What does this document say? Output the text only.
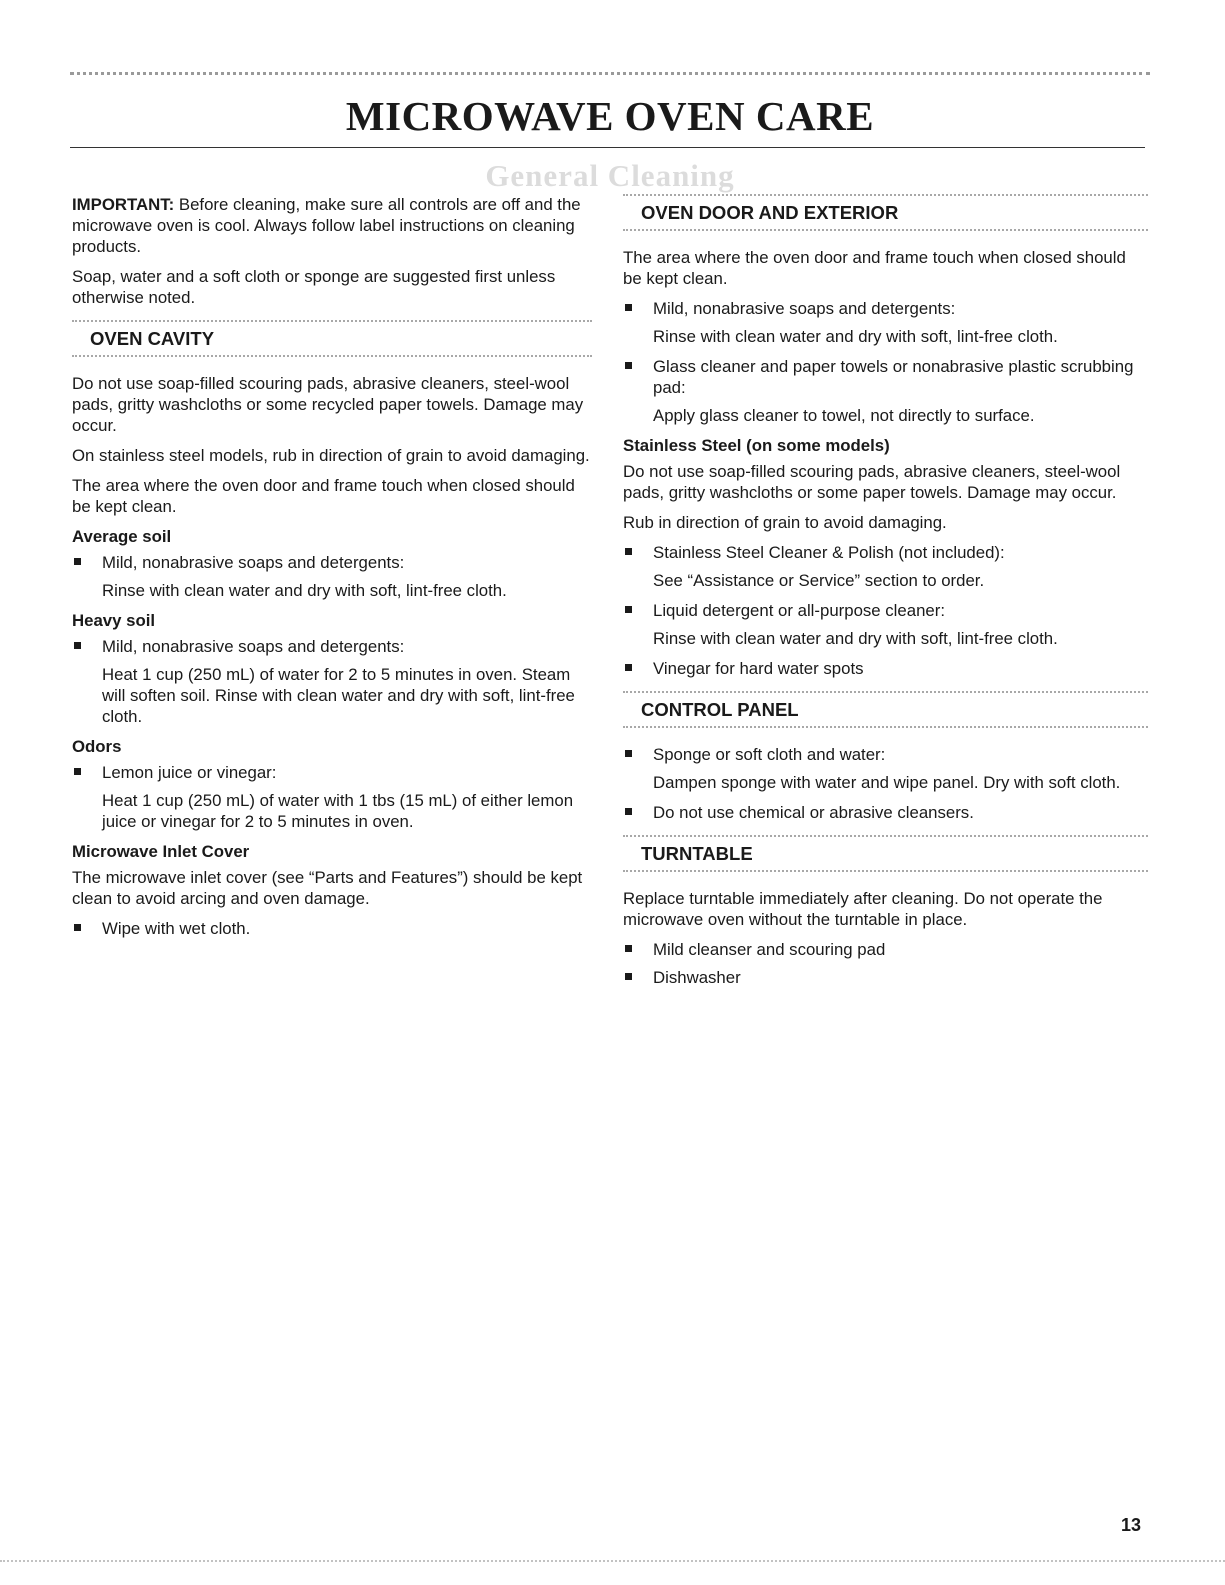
MICROWAVE OVEN CARE
General Cleaning

IMPORTANT: Before cleaning, make sure all controls are off and the microwave oven is cool. Always follow label instructions on cleaning products.

Soap, water and a soft cloth or sponge are suggested first unless otherwise noted.

OVEN CAVITY

Do not use soap-filled scouring pads, abrasive cleaners, steel-wool pads, gritty washcloths or some recycled paper towels. Damage may occur.

On stainless steel models, rub in direction of grain to avoid damaging.

The area where the oven door and frame touch when closed should be kept clean.

Average soil
Mild, nonabrasive soaps and detergents:
Rinse with clean water and dry with soft, lint-free cloth.
Heavy soil
Mild, nonabrasive soaps and detergents:
Heat 1 cup (250 mL) of water for 2 to 5 minutes in oven. Steam will soften soil. Rinse with clean water and dry with soft, lint-free cloth.
Odors
Lemon juice or vinegar:
Heat 1 cup (250 mL) of water with 1 tbs (15 mL) of either lemon juice or vinegar for 2 to 5 minutes in oven.
Microwave Inlet Cover

The microwave inlet cover (see “Parts and Features”) should be kept clean to avoid arcing and oven damage.

Wipe with wet cloth.
OVEN DOOR AND EXTERIOR

The area where the oven door and frame touch when closed should be kept clean.

Mild, nonabrasive soaps and detergents:
Rinse with clean water and dry with soft, lint-free cloth.
Glass cleaner and paper towels or nonabrasive plastic scrubbing pad:
Apply glass cleaner to towel, not directly to surface.
Stainless Steel (on some models)

Do not use soap-filled scouring pads, abrasive cleaners, steel-wool pads, gritty washcloths or some paper towels. Damage may occur.

Rub in direction of grain to avoid damaging.

Stainless Steel Cleaner & Polish (not included):
See “Assistance or Service” section to order.
Liquid detergent or all-purpose cleaner:
Rinse with clean water and dry with soft, lint-free cloth.
Vinegar for hard water spots
CONTROL PANEL
Sponge or soft cloth and water:
Dampen sponge with water and wipe panel. Dry with soft cloth.
Do not use chemical or abrasive cleansers.
TURNTABLE

Replace turntable immediately after cleaning. Do not operate the microwave oven without the turntable in place.

Mild cleanser and scouring pad
Dishwasher
13
